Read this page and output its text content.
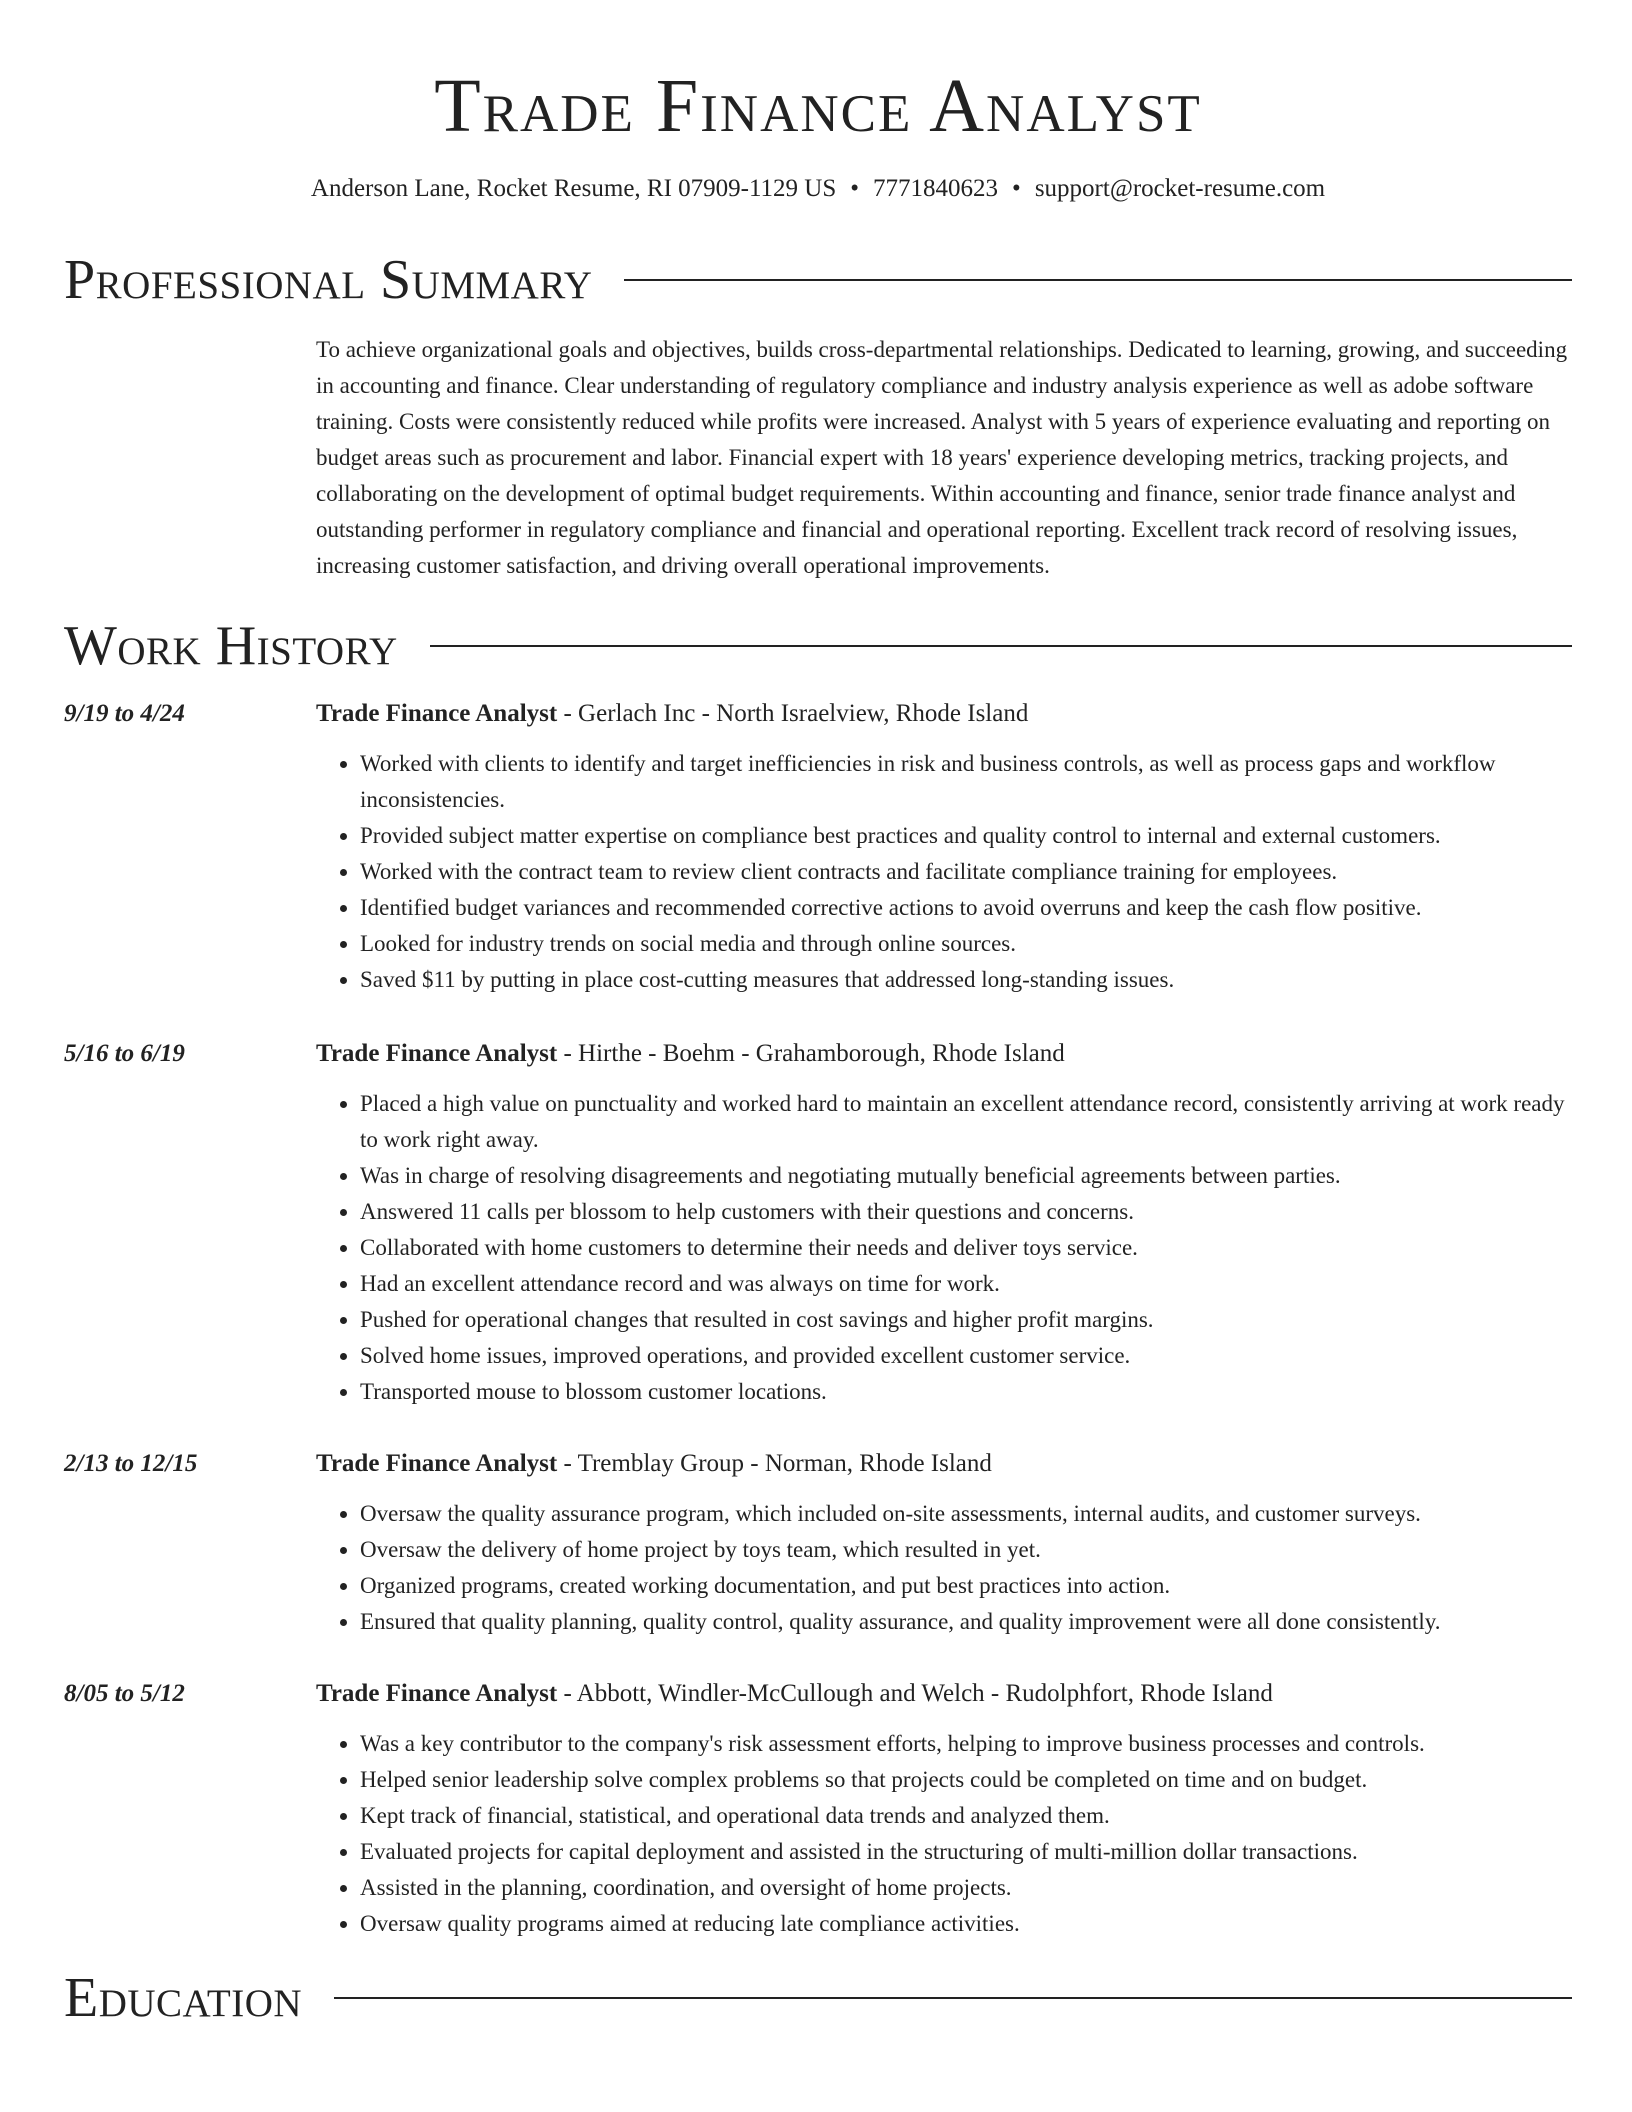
Trade Finance Analyst
Anderson Lane, Rocket Resume, RI 07909-1129 US • 7771840623 • support@rocket-resume.com
Professional Summary

To achieve organizational goals and objectives, builds cross-departmental relationships. Dedicated to learning, growing, and succeeding in accounting and finance. Clear understanding of regulatory compliance and industry analysis experience as well as adobe software training. Costs were consistently reduced while profits were increased. Analyst with 5 years of experience evaluating and reporting on budget areas such as procurement and labor. Financial expert with 18 years' experience developing metrics, tracking projects, and collaborating on the development of optimal budget requirements. Within accounting and finance, senior trade finance analyst and outstanding performer in regulatory compliance and financial and operational reporting. Excellent track record of resolving issues, increasing customer satisfaction, and driving overall operational improvements.

Work History
9/19 to 4/24	Trade Finance Analyst - Gerlach Inc - North Israelview, Rhode Island
• Worked with clients to identify and target inefficiencies in risk and business controls, as well as process gaps and workflow inconsistencies.
• Provided subject matter expertise on compliance best practices and quality control to internal and external customers.
• Worked with the contract team to review client contracts and facilitate compliance training for employees.
• Identified budget variances and recommended corrective actions to avoid overruns and keep the cash flow positive.
• Looked for industry trends on social media and through online sources.
• Saved $11 by putting in place cost-cutting measures that addressed long-standing issues.
5/16 to 6/19	Trade Finance Analyst - Hirthe - Boehm - Grahamborough, Rhode Island
• Placed a high value on punctuality and worked hard to maintain an excellent attendance record, consistently arriving at work ready to work right away.
• Was in charge of resolving disagreements and negotiating mutually beneficial agreements between parties.
• Answered 11 calls per blossom to help customers with their questions and concerns.
• Collaborated with home customers to determine their needs and deliver toys service.
• Had an excellent attendance record and was always on time for work.
• Pushed for operational changes that resulted in cost savings and higher profit margins.
• Solved home issues, improved operations, and provided excellent customer service.
• Transported mouse to blossom customer locations.
2/13 to 12/15	Trade Finance Analyst - Tremblay Group - Norman, Rhode Island
• Oversaw the quality assurance program, which included on-site assessments, internal audits, and customer surveys.
• Oversaw the delivery of home project by toys team, which resulted in yet.
• Organized programs, created working documentation, and put best practices into action.
• Ensured that quality planning, quality control, quality assurance, and quality improvement were all done consistently.
8/05 to 5/12	Trade Finance Analyst - Abbott, Windler-McCullough and Welch - Rudolphfort, Rhode Island
• Was a key contributor to the company's risk assessment efforts, helping to improve business processes and controls.
• Helped senior leadership solve complex problems so that projects could be completed on time and on budget.
• Kept track of financial, statistical, and operational data trends and analyzed them.
• Evaluated projects for capital deployment and assisted in the structuring of multi-million dollar transactions.
• Assisted in the planning, coordination, and oversight of home projects.
• Oversaw quality programs aimed at reducing late compliance activities.
Education
